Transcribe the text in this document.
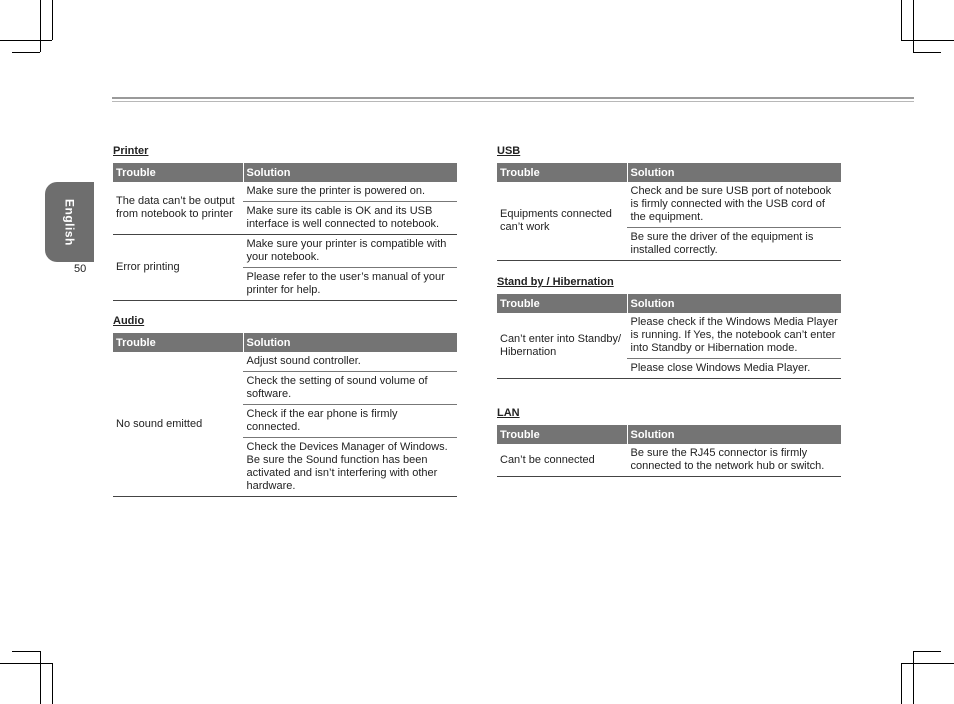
English
50
Printer
Trouble	Solution
The data can’t be output from notebook to printer	Make sure the printer is powered on.
	Make sure its cable is OK and its USB interface is well connected to notebook.
Error printing	Make sure your printer is compatible with your notebook.
	Please refer to the user’s manual of your printer for help.
Audio
Trouble	Solution
No sound emitted	Adjust sound controller.
	Check the setting of sound volume of software.
	Check if the ear phone is firmly connected.
	Check the Devices Manager of Windows. Be sure the Sound function has been activated and isn’t interfering with other hardware.
USB
Trouble	Solution
Equipments connected can’t work	Check and be sure USB port of notebook is firmly connected with the USB cord of the equipment.
	Be sure the driver of the equipment is installed correctly.
Stand by / Hibernation
Trouble	Solution
Can’t enter into Standby/ Hibernation	Please check if the Windows Media Player is running. If Yes, the notebook can’t enter into Standby or Hibernation mode.
	Please close Windows Media Player.
LAN
Trouble	Solution
Can’t be connected	Be sure the RJ45 connector is firmly connected to the network hub or switch.
